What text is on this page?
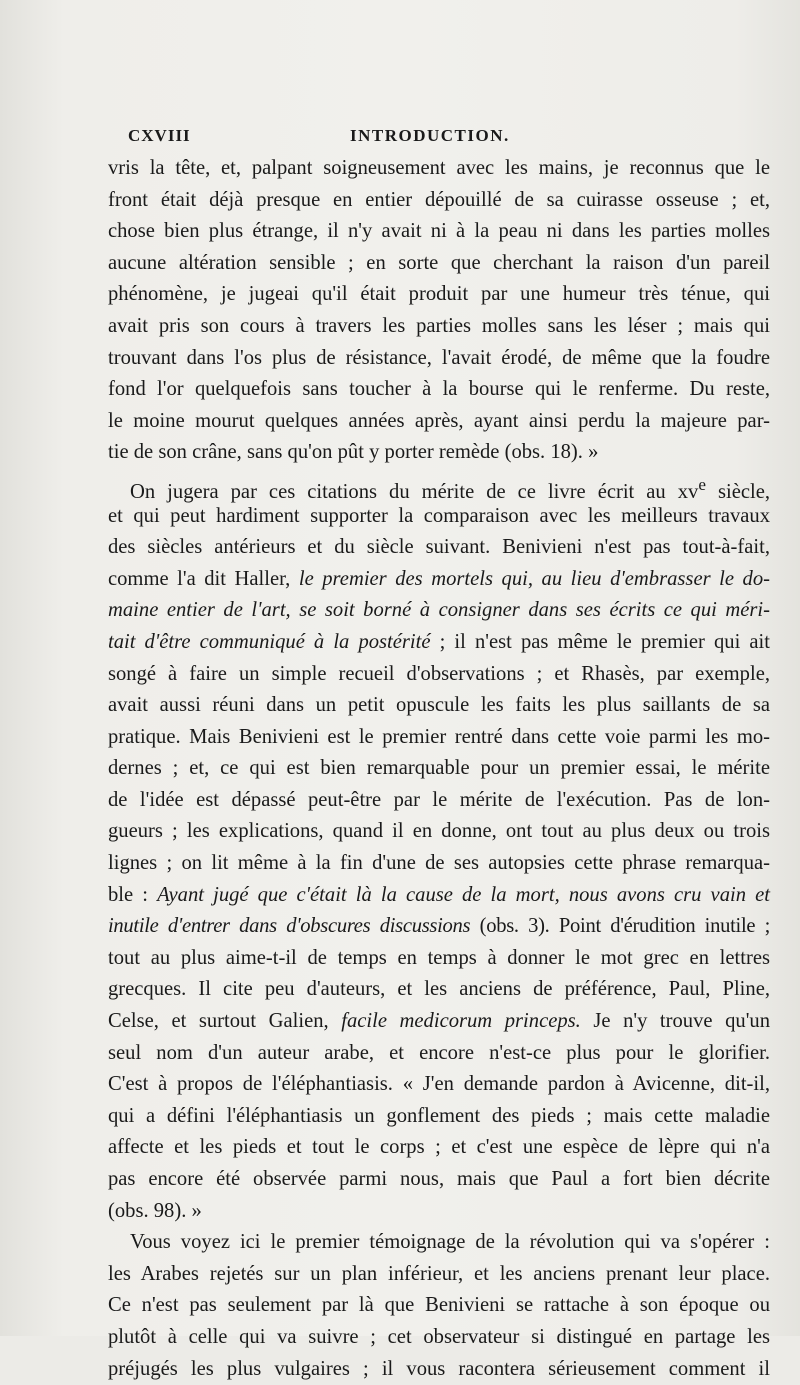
CXVIII	INTRODUCTION.
vris la tête, et, palpant soigneusement avec les mains, je reconnus que le
front était déjà presque en entier dépouillé de sa cuirasse osseuse ; et,
chose bien plus étrange, il n'y avait ni à la peau ni dans les parties molles
aucune altération sensible ; en sorte que cherchant la raison d'un pareil
phénomène, je jugeai qu'il était produit par une humeur très ténue, qui
avait pris son cours à travers les parties molles sans les léser ; mais qui
trouvant dans l'os plus de résistance, l'avait érodé, de même que la foudre
fond l'or quelquefois sans toucher à la bourse qui le renferme. Du reste,
le moine mourut quelques années après, ayant ainsi perdu la majeure par-
tie de son crâne, sans qu'on pût y porter remède (obs. 18). »
On jugera par ces citations du mérite de ce livre écrit au $xv^e$ siècle,
et qui peut hardiment supporter la comparaison avec les meilleurs travaux
des siècles antérieurs et du siècle suivant. Benivieni n'est pas tout-à-fait,
comme l'a dit Haller, le premier des mortels qui, au lieu d'embrasser le do-
maine entier de l'art, se soit borné à consigner dans ses écrits ce qui méri-
tait d'être communiqué à la postérité ; il n'est pas même le premier qui ait
songé à faire un simple recueil d'observations ; et Rhasès, par exemple,
avait aussi réuni dans un petit opuscule les faits les plus saillants de sa
pratique. Mais Benivieni est le premier rentré dans cette voie parmi les mo-
dernes ; et, ce qui est bien remarquable pour un premier essai, le mérite
de l'idée est dépassé peut-être par le mérite de l'exécution. Pas de lon-
gueurs ; les explications, quand il en donne, ont tout au plus deux ou trois
lignes ; on lit même à la fin d'une de ses autopsies cette phrase remarqua-
ble : Ayant jugé que c'était là la cause de la mort, nous avons cru vain et
inutile d'entrer dans d'obscures discussions (obs. 3). Point d'érudition inutile ;
tout au plus aime-t-il de temps en temps à donner le mot grec en lettres
grecques. Il cite peu d'auteurs, et les anciens de préférence, Paul, Pline,
Celse, et surtout Galien, facile medicorum princeps. Je n'y trouve qu'un
seul nom d'un auteur arabe, et encore n'est-ce plus pour le glorifier.
C'est à propos de l'éléphantiasis. « J'en demande pardon à Avicenne, dit-il,
qui a défini l'éléphantiasis un gonflement des pieds ; mais cette maladie
affecte et les pieds et tout le corps ; et c'est une espèce de lèpre qui n'a
pas encore été observée parmi nous, mais que Paul a fort bien décrite
(obs. 98). »
Vous voyez ici le premier témoignage de la révolution qui va s'opérer :
les Arabes rejetés sur un plan inférieur, et les anciens prenant leur place.
Ce n'est pas seulement par là que Benivieni se rattache à son époque ou
plutôt à celle qui va suivre ; cet observateur si distingué en partage les
préjugés les plus vulgaires ; il vous racontera sérieusement comment il
